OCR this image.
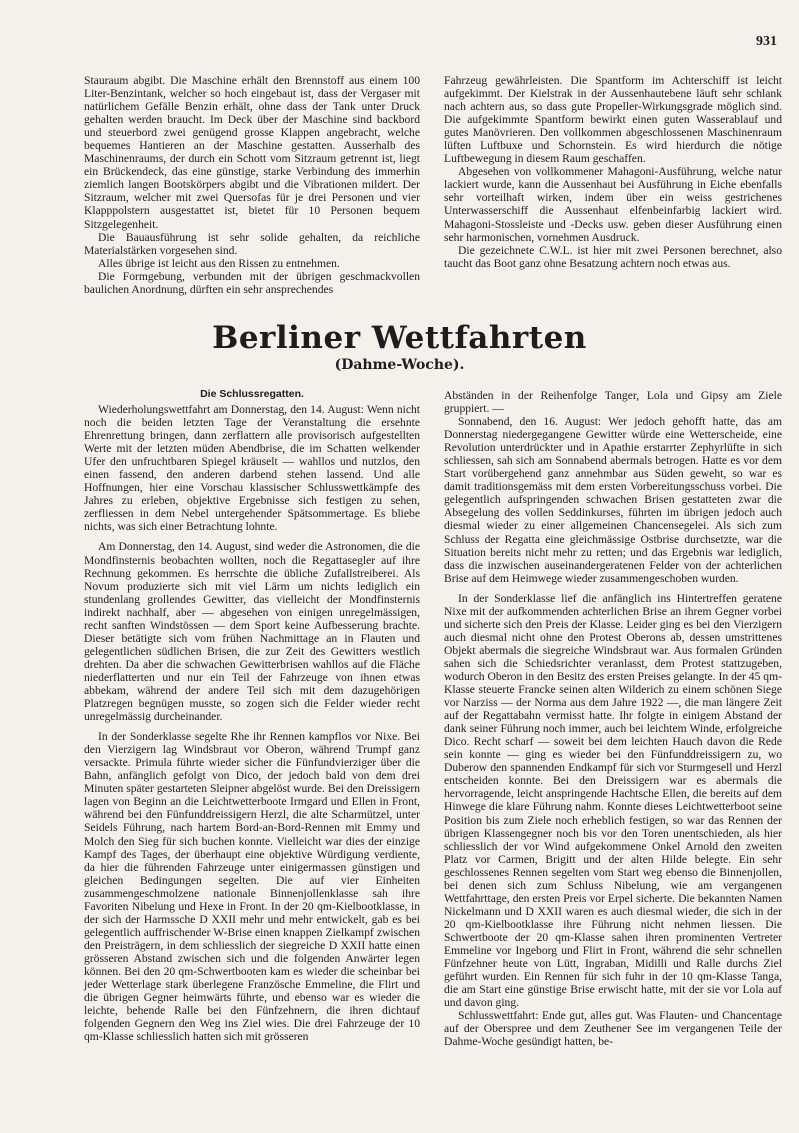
931

Stauraum abgibt. Die Maschine erhält den Brennstoff aus einem 100 Liter-Benzintank, welcher so hoch eingebaut ist, dass der Vergaser mit natürlichem Gefälle Benzin erhält, ohne dass der Tank unter Druck gehalten werden braucht. Im Deck über der Maschine sind backbord und steuerbord zwei genügend grosse Klappen angebracht, welche bequemes Hantieren an der Maschine gestatten. Ausserhalb des Maschinenraums, der durch ein Schott vom Sitzraum getrennt ist, liegt ein Brückendeck, das eine günstige, starke Verbindung des immerhin ziemlich langen Bootskörpers abgibt und die Vibrationen mildert. Der Sitzraum, welcher mit zwei Quersofas für je drei Personen und vier Klapppolstern ausgestattet ist, bietet für 10 Personen bequem Sitzgelegenheit.

Die Bauausführung ist sehr solide gehalten, da reichliche Materialstärken vorgesehen sind.

Alles übrige ist leicht aus den Rissen zu entnehmen.

Die Formgebung, verbunden mit der übrigen geschmackvollen baulichen Anordnung, dürften ein sehr ansprechendes

Fahrzeug gewährleisten. Die Spantform im Achterschiff ist leicht aufgekimmt. Der Kielstrak in der Aussenhautebene läuft sehr schlank nach achtern aus, so dass gute Propeller-Wirkungsgrade möglich sind. Die aufgekimmte Spantform bewirkt einen guten Wasserablauf und gutes Manövrieren. Den vollkommen abgeschlossenen Maschinenraum lüften Luftbuxe und Schornstein. Es wird hierdurch die nötige Luftbewegung in diesem Raum geschaffen.

Abgesehen von vollkommener Mahagoni-Ausführung, welche natur lackiert wurde, kann die Aussenhaut bei Ausführung in Eiche ebenfalls sehr vorteilhaft wirken, indem über ein weiss gestrichenes Unterwasserschiff die Aussenhaut elfenbeinfarbig lackiert wird. Mahagoni-Stossleiste und -Decks usw. geben dieser Ausführung einen sehr harmonischen, vornehmen Ausdruck.

Die gezeichnete C.W.L. ist hier mit zwei Personen berechnet, also taucht das Boot ganz ohne Besatzung achtern noch etwas aus.

Berliner Wettfahrten
(Dahme-Woche).
Die Schlussregatten.

Wiederholungswettfahrt am Donnerstag, den 14. August: Wenn nicht noch die beiden letzten Tage der Veranstaltung die ersehnte Ehrenrettung bringen, dann zerflattern alle provisorisch aufgestellten Werte mit der letzten müden Abendbrise, die im Schatten welkender Ufer den unfruchtbaren Spiegel kräuselt — wahllos und nutzlos, den einen fassend, den anderen darbend stehen lassend. Und alle Hoffnungen, hier eine Vorschau klassischer Schlusswettkämpfe des Jahres zu erleben, objektive Ergebnisse sich festigen zu sehen, zerfliessen in dem Nebel untergehender Spätsommertage. Es bliebe nichts, was sich einer Betrachtung lohnte.

Am Donnerstag, den 14. August, sind weder die Astronomen, die die Mondfinsternis beobachten wollten, noch die Regattasegler auf ihre Rechnung gekommen. Es herrschte die übliche Zufallstreiberei. Als Novum produzierte sich mit viel Lärm um nichts lediglich ein stundenlang grollendes Gewitter, das vielleicht der Mondfinsternis indirekt nachhalf, aber — abgesehen von einigen unregelmässigen, recht sanften Windstössen — dem Sport keine Aufbesserung brachte. Dieser betätigte sich vom frühen Nachmittage an in Flauten und gelegentlichen südlichen Brisen, die zur Zeit des Gewitters westlich drehten. Da aber die schwachen Gewitterbrisen wahllos auf die Fläche niederflatterten und nur ein Teil der Fahrzeuge von ihnen etwas abbekam, während der andere Teil sich mit dem dazugehörigen Platzregen begnügen musste, so zogen sich die Felder wieder recht unregelmässig durcheinander.

In der Sonderklasse segelte Rhe ihr Rennen kampflos vor Nixe. Bei den Vierzigern lag Windsbraut vor Oberon, während Trumpf ganz versackte. Primula führte wieder sicher die Fünfundvierziger über die Bahn, anfänglich gefolgt von Dico, der jedoch bald von dem drei Minuten später gestarteten Sleipner abgelöst wurde. Bei den Dreissigern lagen von Beginn an die Leichtwetterboote Irmgard und Ellen in Front, während bei den Fünfunddreissigern Herzl, die alte Scharmützel, unter Seidels Führung, nach hartem Bord-an-Bord-Rennen mit Emmy und Molch den Sieg für sich buchen konnte. Vielleicht war dies der einzige Kampf des Tages, der überhaupt eine objektive Würdigung verdiente, da hier die führenden Fahrzeuge unter einigermassen günstigen und gleichen Bedingungen segelten. Die auf vier Einheiten zusammengeschmolzene nationale Binnenjollenklasse sah ihre Favoriten Nibelung und Hexe in Front. In der 20 qm-Kielbootklasse, in der sich der Harmssche D XXII mehr und mehr entwickelt, gab es bei gelegentlich auffrischender W-Brise einen knappen Zielkampf zwischen den Preisträgern, in dem schliesslich der siegreiche D XXII hatte einen grösseren Abstand zwischen sich und die folgenden Anwärter legen können. Bei den 20 qm-Schwertbooten kam es wieder die scheinbar bei jeder Wetterlage stark überlegene Französche Emmeline, die Flirt und die übrigen Gegner heimwärts führte, und ebenso war es wieder die leichte, behende Ralle bei den Fünfzehnern, die ihren dichtauf folgenden Gegnern den Weg ins Ziel wies. Die drei Fahrzeuge der 10 qm-Klasse schliesslich hatten sich mit grösseren

Abständen in der Reihenfolge Tanger, Lola und Gipsy am Ziele gruppiert. —

Sonnabend, den 16. August: Wer jedoch gehofft hatte, das am Donnerstag niedergegangene Gewitter würde eine Wetterscheide, eine Revolution unterdrückter und in Apathie erstarrter Zephyrlüfte in sich schliessen, sah sich am Sonnabend abermals betrogen. Hatte es vor dem Start vorübergehend ganz annehmbar aus Süden geweht, so war es damit traditionsgemäss mit dem ersten Vorbereitungsschuss vorbei. Die gelegentlich aufspringenden schwachen Brisen gestatteten zwar die Absegelung des vollen Seddinkurses, führten im übrigen jedoch auch diesmal wieder zu einer allgemeinen Chancensegelei. Als sich zum Schluss der Regatta eine gleichmässige Ostbrise durchsetzte, war die Situation bereits nicht mehr zu retten; und das Ergebnis war lediglich, dass die inzwischen auseinandergeratenen Felder von der achterlichen Brise auf dem Heimwege wieder zusammengeschoben wurden.

In der Sonderklasse lief die anfänglich ins Hintertreffen geratene Nixe mit der aufkommenden achterlichen Brise an ihrem Gegner vorbei und sicherte sich den Preis der Klasse. Leider ging es bei den Vierzigern auch diesmal nicht ohne den Protest Oberons ab, dessen umstrittenes Objekt abermals die siegreiche Windsbraut war. Aus formalen Gründen sahen sich die Schiedsrichter veranlasst, dem Protest stattzugeben, wodurch Oberon in den Besitz des ersten Preises gelangte. In der 45 qm-Klasse steuerte Francke seinen alten Wilderich zu einem schönen Siege vor Narziss — der Norma aus dem Jahre 1922 —, die man längere Zeit auf der Regattabahn vermisst hatte. Ihr folgte in einigem Abstand der dank seiner Führung noch immer, auch bei leichtem Winde, erfolgreiche Dico. Recht scharf — soweit bei dem leichten Hauch davon die Rede sein konnte — ging es wieder bei den Fünfunddreissigern zu, wo Duberow den spannenden Endkampf für sich vor Sturmgesell und Herzl entscheiden konnte. Bei den Dreissigern war es abermals die hervorragende, leicht anspringende Hachtsche Ellen, die bereits auf dem Hinwege die klare Führung nahm. Konnte dieses Leichtwetterboot seine Position bis zum Ziele noch erheblich festigen, so war das Rennen der übrigen Klassengegner noch bis vor den Toren unentschieden, als hier schliesslich der vor Wind aufgekommene Onkel Arnold den zweiten Platz vor Carmen, Brigitt und der alten Hilde belegte. Ein sehr geschlossenes Rennen segelten vom Start weg ebenso die Binnenjollen, bei denen sich zum Schluss Nibelung, wie am vergangenen Wettfahrttage, den ersten Preis vor Erpel sicherte. Die bekannten Namen Nickelmann und D XXII waren es auch diesmal wieder, die sich in der 20 qm-Kielbootklasse ihre Führung nicht nehmen liessen. Die Schwertboote der 20 qm-Klasse sahen ihren prominenten Vertreter Emmeline vor Ingeborg und Flirt in Front, während die sehr schnellen Fünfzehner heute von Lütt, Ingraban, Midilli und Ralle durchs Ziel geführt wurden. Ein Rennen für sich fuhr in der 10 qm-Klasse Tanga, die am Start eine günstige Brise erwischt hatte, mit der sie vor Lola auf und davon ging.

Schlusswettfahrt: Ende gut, alles gut. Was Flauten- und Chancentage auf der Oberspree und dem Zeuthener See im vergangenen Teile der Dahme-Woche gesündigt hatten, be-
